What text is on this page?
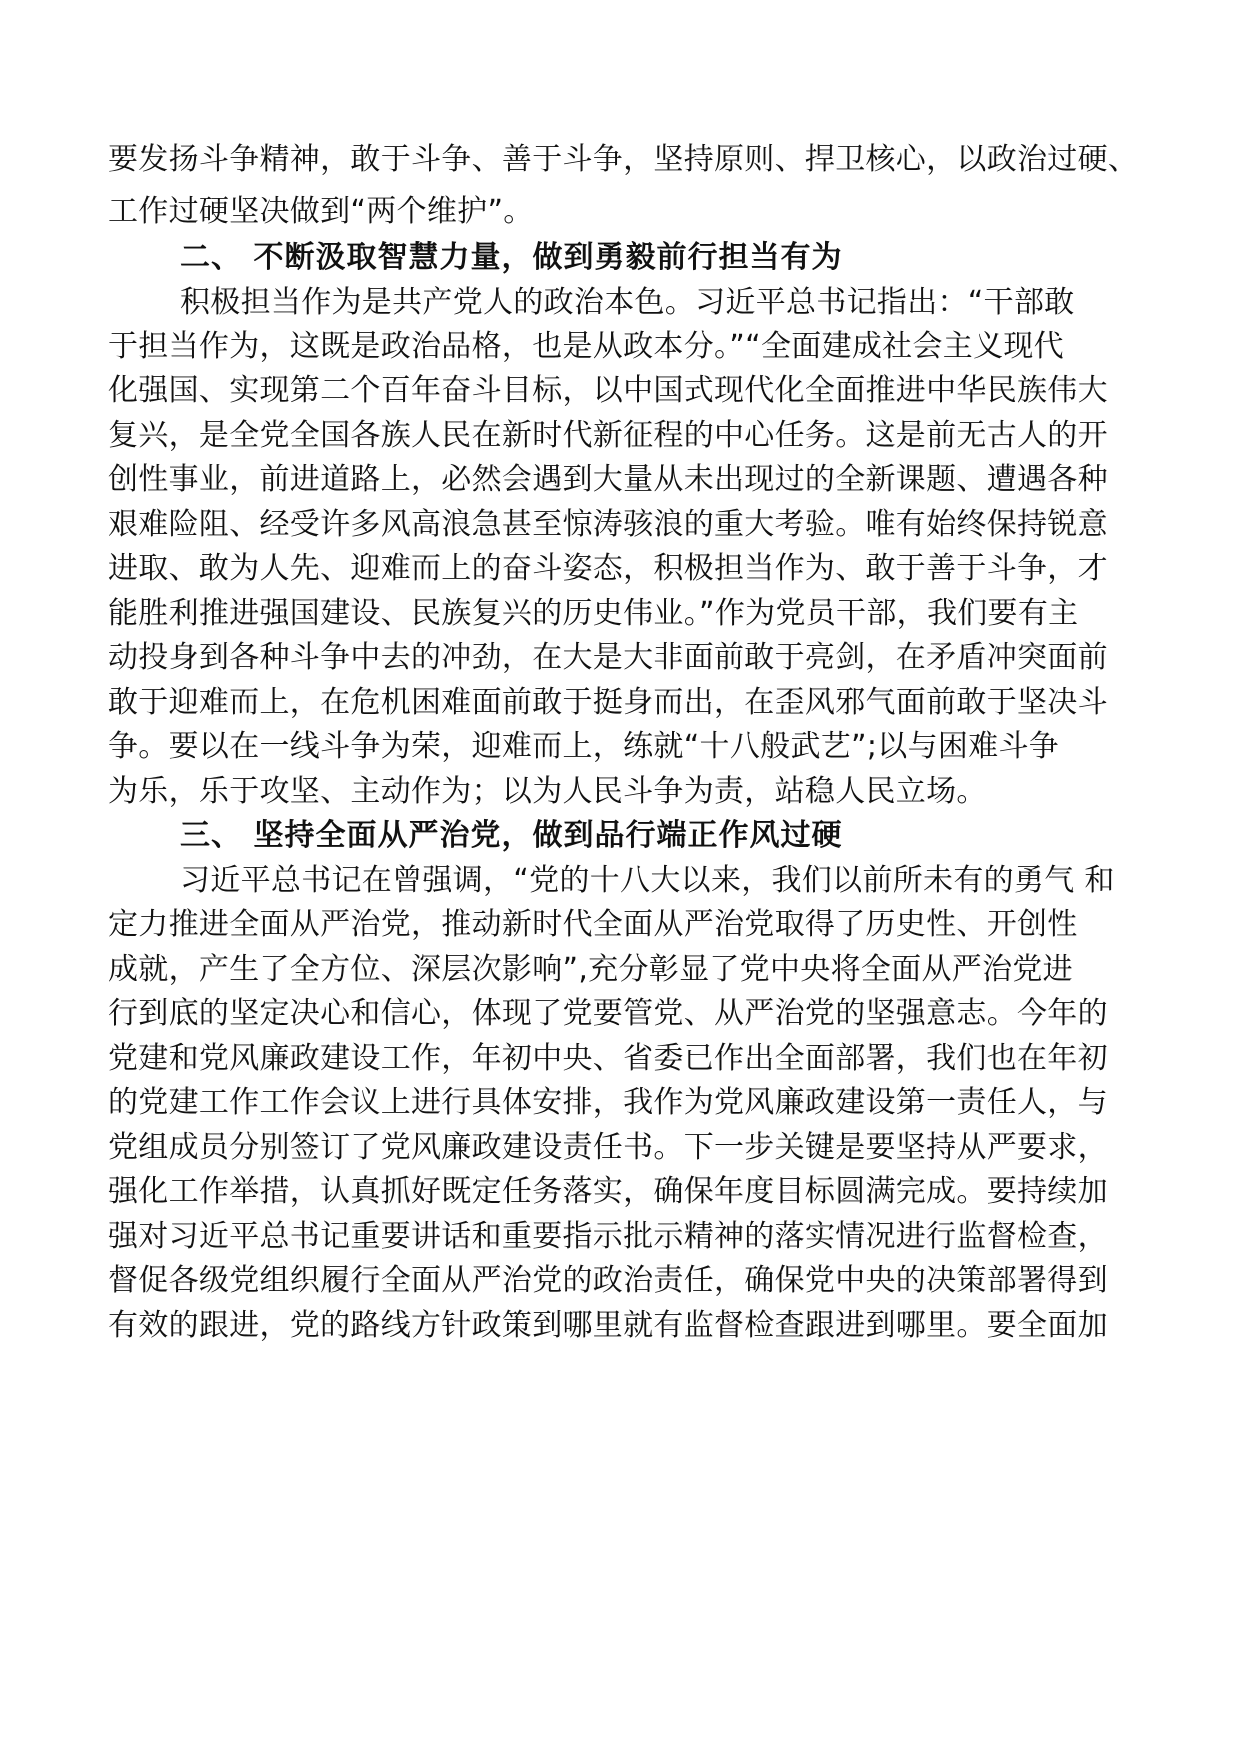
要发扬斗争精神，敢于斗争、善于斗争，坚持原则、捍卫核心，以政治过硬、

工作过硬坚决做到“两个维护”。

二、 不断汲取智慧力量，做到勇毅前行担当有为

积极担当作为是共产党人的政治本色。习近平总书记指出：“干部敢

于担当作为，这既是政治品格，也是从政本分。”“全面建成社会主义现代

化强国、实现第二个百年奋斗目标，以中国式现代化全面推进中华民族伟大

复兴，是全党全国各族人民在新时代新征程的中心任务。这是前无古人的开

创性事业，前进道路上，必然会遇到大量从未出现过的全新课题、遭遇各种

艰难险阻、经受许多风高浪急甚至惊涛骇浪的重大考验。唯有始终保持锐意

进取、敢为人先、迎难而上的奋斗姿态，积极担当作为、敢于善于斗争，才

能胜利推进强国建设、民族复兴的历史伟业。”作为党员干部，我们要有主

动投身到各种斗争中去的冲劲，在大是大非面前敢于亮剑，在矛盾冲突面前

敢于迎难而上，在危机困难面前敢于挺身而出，在歪风邪气面前敢于坚决斗

争。要以在一线斗争为荣，迎难而上，练就“十八般武艺”;以与困难斗争

为乐，乐于攻坚、主动作为；以为人民斗争为责，站稳人民立场。

三、 坚持全面从严治党，做到品行端正作风过硬

习近平总书记在曾强调，“党的十八大以来，我们以前所未有的勇气 和

定力推进全面从严治党，推动新时代全面从严治党取得了历史性、开创性

成就，产生了全方位、深层次影响”,充分彰显了党中央将全面从严治党进

行到底的坚定决心和信心，体现了党要管党、从严治党的坚强意志。今年的

党建和党风廉政建设工作，年初中央、省委已作出全面部署，我们也在年初

的党建工作工作会议上进行具体安排，我作为党风廉政建设第一责任人，与

党组成员分别签订了党风廉政建设责任书。下一步关键是要坚持从严要求，

强化工作举措，认真抓好既定任务落实，确保年度目标圆满完成。要持续加

强对习近平总书记重要讲话和重要指示批示精神的落实情况进行监督检查，

督促各级党组织履行全面从严治党的政治责任，确保党中央的决策部署得到

有效的跟进，党的路线方针政策到哪里就有监督检查跟进到哪里。要全面加
